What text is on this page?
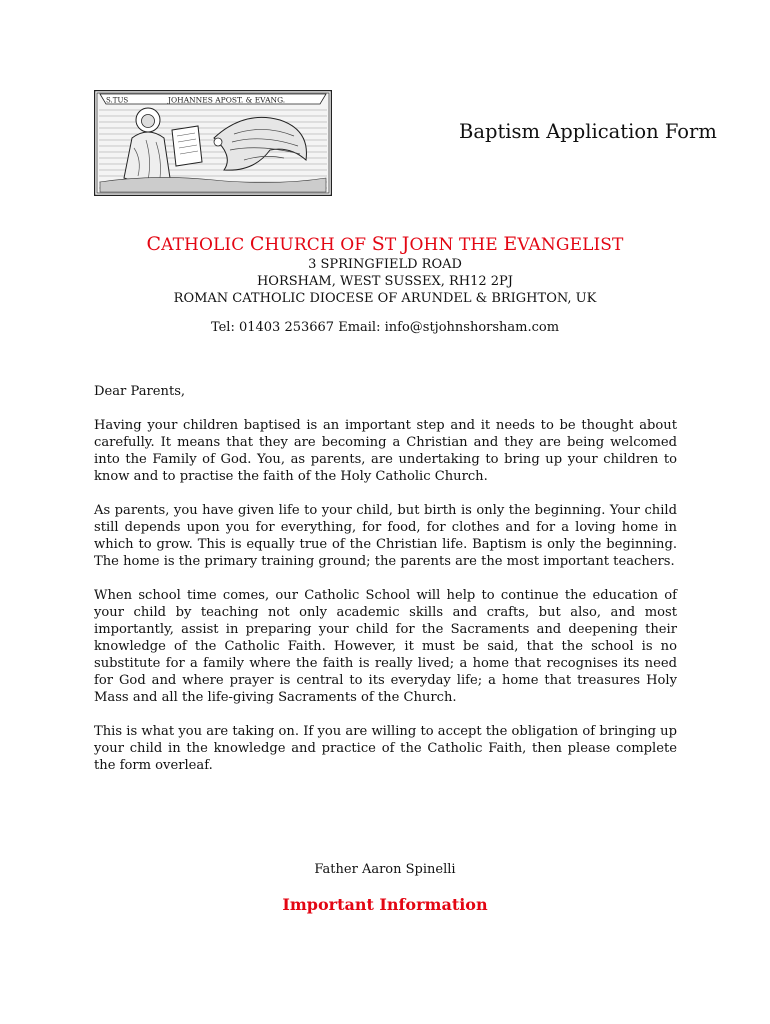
S.TUS	JOHANNES APOST. & EVANG.
Baptism Application Form
CATHOLIC CHURCH OF ST JOHN THE EVANGELIST
3 SPRINGFIELD ROAD
HORSHAM, WEST SUSSEX, RH12 2PJ
ROMAN CATHOLIC DIOCESE OF ARUNDEL & BRIGHTON, UK
Tel: 01403 253667 Email: info@stjohnshorsham.com

Dear Parents,

Having your children baptised is an important step and it needs to be thought about carefully. It means that they are becoming a Christian and they are being welcomed into the Family of God. You, as parents, are undertaking to bring up your children to know and to practise the faith of the Holy Catholic Church.

As parents, you have given life to your child, but birth is only the beginning. Your child still depends upon you for everything, for food, for clothes and for a loving home in which to grow. This is equally true of the Christian life. Baptism is only the beginning. The home is the primary training ground; the parents are the most important teachers.

When school time comes, our Catholic School will help to continue the education of your child by teaching not only academic skills and crafts, but also, and most importantly, assist in preparing your child for the Sacraments and deepening their knowledge of the Catholic Faith. However, it must be said, that the school is no substitute for a family where the faith is really lived; a home that recognises its need for God and where prayer is central to its everyday life; a home that treasures Holy Mass and all the life-giving Sacraments of the Church.

This is what you are taking on. If you are willing to accept the obligation of bringing up your child in the knowledge and practice of the Catholic Faith, then please complete the form overleaf.

Father Aaron Spinelli
Important Information
